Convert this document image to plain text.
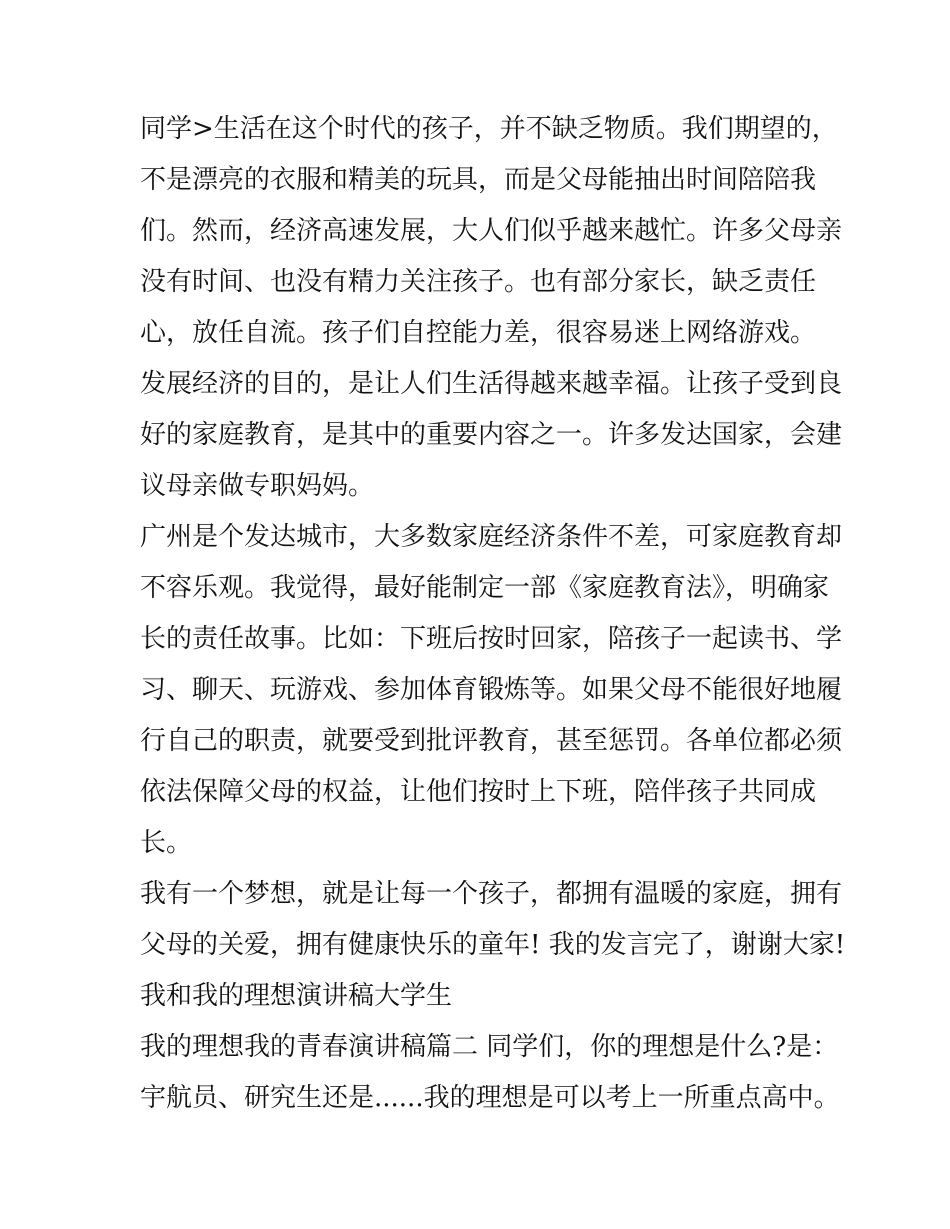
同学>生活在这个时代的孩子，并不缺乏物质。我们期望的，
不是漂亮的衣服和精美的玩具，而是父母能抽出时间陪陪我
们。然而，经济高速发展，大人们似乎越来越忙。许多父母亲
没有时间、也没有精力关注孩子。也有部分家长，缺乏责任
心，放任自流。孩子们自控能力差，很容易迷上网络游戏。
发展经济的目的，是让人们生活得越来越幸福。让孩子受到良
好的家庭教育，是其中的重要内容之一。许多发达国家，会建
议母亲做专职妈妈。
广州是个发达城市，大多数家庭经济条件不差，可家庭教育却
不容乐观。我觉得，最好能制定一部《家庭教育法》，明确家
长的责任故事。比如：下班后按时回家，陪孩子一起读书、学
习、聊天、玩游戏、参加体育锻炼等。如果父母不能很好地履
行自己的职责，就要受到批评教育，甚至惩罚。各单位都必须
依法保障父母的权益，让他们按时上下班，陪伴孩子共同成
长。
我有一个梦想，就是让每一个孩子，都拥有温暖的家庭，拥有
父母的关爱，拥有健康快乐的童年! 我的发言完了，谢谢大家!
我和我的理想演讲稿大学生
我的理想我的青春演讲稿篇二 同学们，你的理想是什么?是：
宇航员、研究生还是......我的理想是可以考上一所重点高中。
